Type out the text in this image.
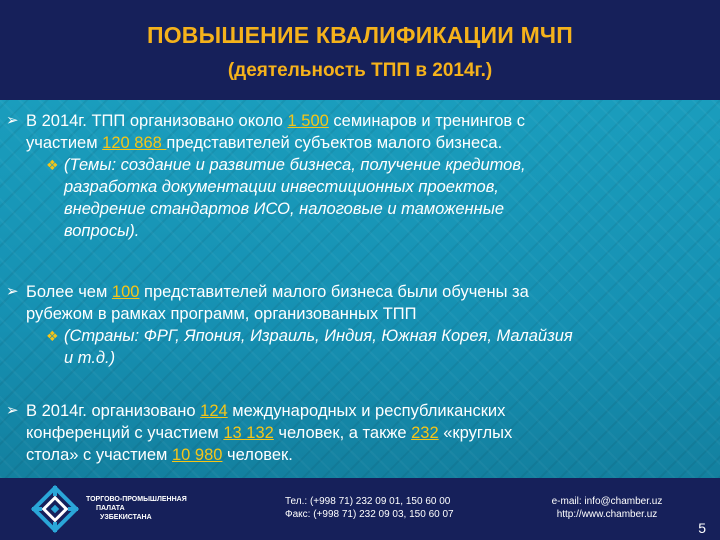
ПОВЫШЕНИЕ КВАЛИФИКАЦИИ МЧП
(деятельность ТПП в 2014г.)
➢ В 2014г. ТПП организовано около 1 500 семинаров и тренингов с
участием 120 868 представителей субъектов малого бизнеса.
❖ (Темы: создание и развитие бизнеса, получение кредитов,
разработка документации инвестиционных проектов,
внедрение стандартов ИСО, налоговые и таможенные
вопросы).
➢ Более чем 100 представителей малого бизнеса были обучены за
рубежом в рамках программ, организованных ТПП
❖ (Страны: ФРГ, Япония, Израиль, Индия, Южная Корея, Малайзия
и т.д.)
➢ В 2014г. организовано 124 международных и республиканских
конференций с участием 13 132 человек, а также 232 «круглых
стола» с участием 10 980 человек.
ТОРГОВО-ПРОМЫШЛЕННАЯ
ПАЛАТА
УЗБЕКИСТАНА
Тел.: (+998 71) 232 09 01, 150 60 00
Факс: (+998 71) 232 09 03, 150 60 07
e-mail: info@chamber.uz
http://www.chamber.uz
5
